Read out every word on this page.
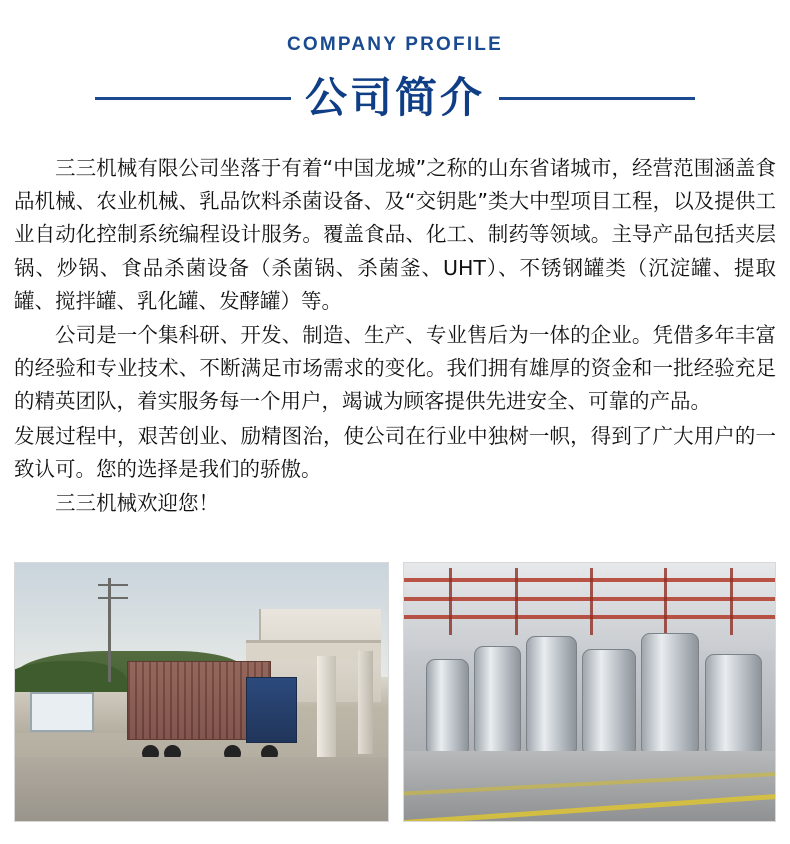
COMPANY PROFILE
公司简介

三三机械有限公司坐落于有着“中国龙城”之称的山东省诸城市，经营范围涵盖食品机械、农业机械、乳品饮料杀菌设备、及“交钥匙”类大中型项目工程，以及提供工业自动化控制系统编程设计服务。覆盖食品、化工、制药等领域。主导产品包括夹层锅、炒锅、食品杀菌设备（杀菌锅、杀菌釜、UHT）、不锈钢罐类（沉淀罐、提取罐、搅拌罐、乳化罐、发酵罐）等。

公司是一个集科研、开发、制造、生产、专业售后为一体的企业。凭借多年丰富的经验和专业技术、不断满足市场需求的变化。我们拥有雄厚的资金和一批经验充足的精英团队，着实服务每一个用户，竭诚为顾客提供先进安全、可靠的产品。

发展过程中，艰苦创业、励精图治，使公司在行业中独树一帜，得到了广大用户的一致认可。您的选择是我们的骄傲。

三三机械欢迎您！
